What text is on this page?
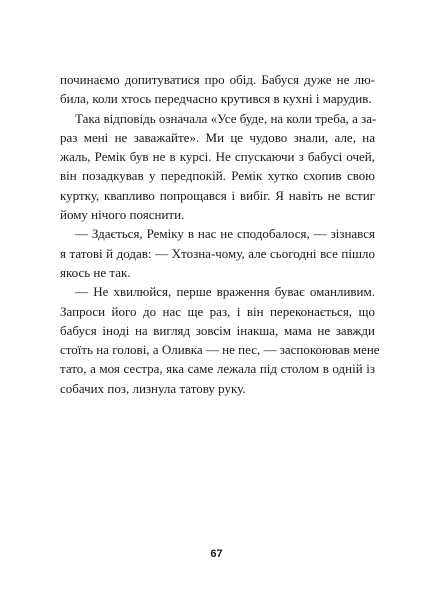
починаємо допитуватися про обід. Бабуся дуже не лю-
била, коли хтось передчасно крутився в кухні і марудив.
Така відповідь означала «Усе буде, на коли треба, а за-
раз мені не заважайте». Ми це чудово знали, але, на
жаль, Ремік був не в курсі. Не спускаючи з бабусі очей,
він позадкував у передпокій. Ремік хутко схопив свою
куртку, квапливо попрощався і вибіг. Я навіть не встиг
йому нічого пояснити.
— Здається, Реміку в нас не сподобалося, — зізнався
я татові й додав: — Хтозна-чому, але сьогодні все пішло
якось не так.
— Не хвилюйся, перше враження буває оманливим.
Запроси його до нас ще раз, і він переконається, що
бабуся іноді на вигляд зовсім інакша, мама не завжди
стоїть на голові, а Оливка — не пес, — заспокоював мене
тато, а моя сестра, яка саме лежала під столом в одній із
собачих поз, лизнула татову руку.
67
